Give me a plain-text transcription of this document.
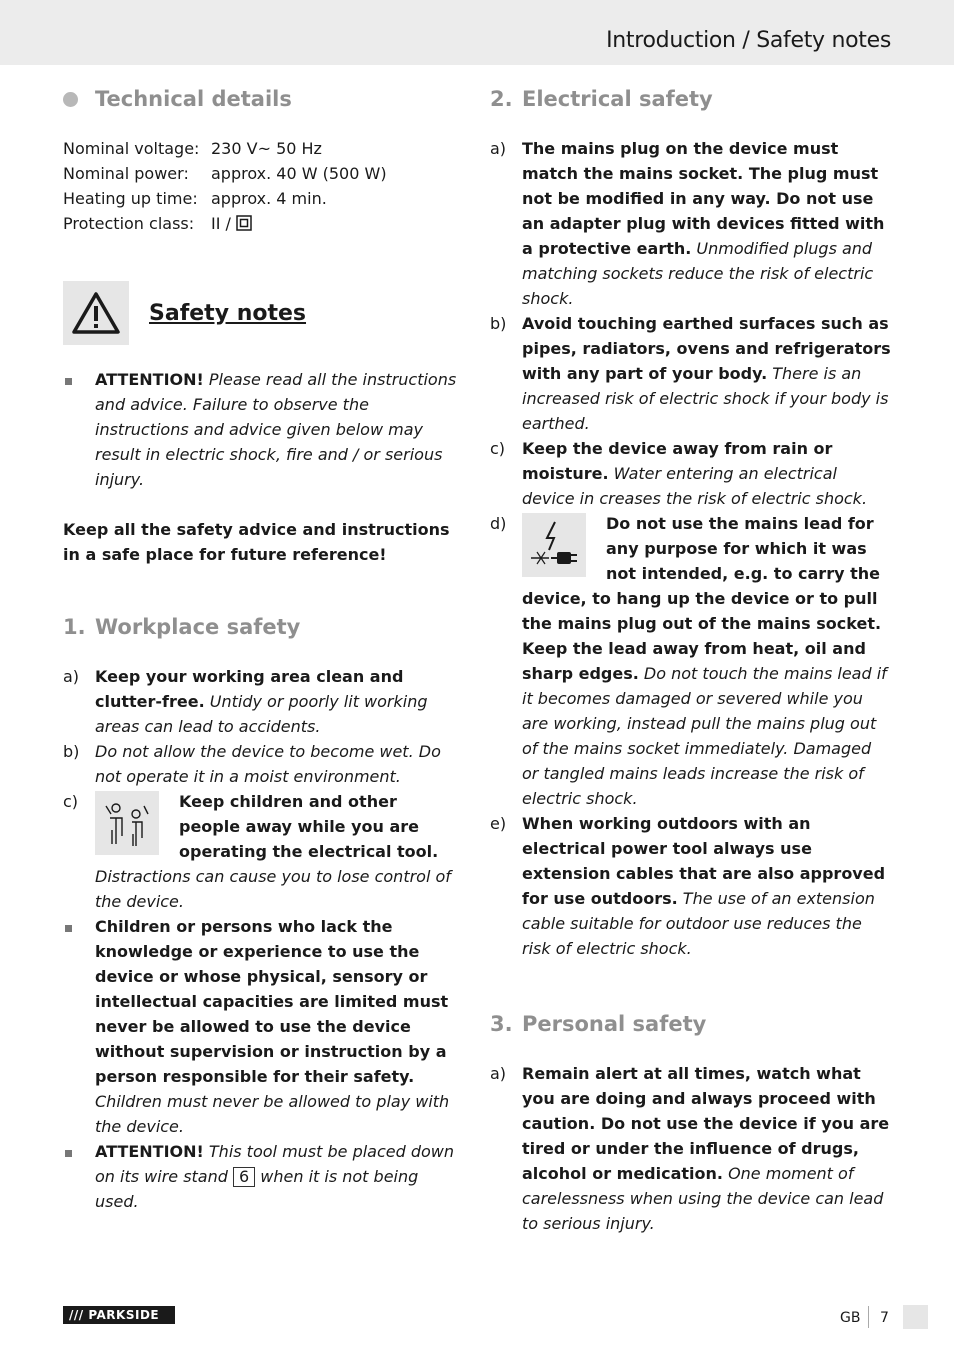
Introduction / Safety notes
Technical details
Nominal voltage: 230 V~ 50 Hz
Nominal power:	approx. 40 W (500 W)
Heating up time: approx. 4 min.
Protection class:	II /
Safety notes
ATTENTION! Please read all the instructions and advice. Failure to observe the instructions and advice given below may result in electric shock, fire and / or serious injury.

Keep all the safety advice and instructions in a safe place for future reference!

1. Workplace safety
a) Keep your working area clean and clutter-free. Untidy or poorly lit working areas can lead to accidents.
b) Do not allow the device to become wet. Do not operate it in a moist environment.
c)	Keep children and other people away while you are operating the electrical tool.
Distractions can cause you to lose control of the device.
Children or persons who lack the knowledge or experience to use the device or whose physical, sensory or intellectual capacities are limited must never be allowed to use the device without supervision or instruction by a person responsible for their safety. Children must never be allowed to play with the device.
ATTENTION! This tool must be placed down on its wire stand 6 when it is not being used.
2. Electrical safety
a) The mains plug on the device must match the mains socket. The plug must not be modified in any way. Do not use an adapter plug with devices fitted with a protective earth. Unmodified plugs and matching sockets reduce the risk of electric shock.
b) Avoid touching earthed surfaces such as pipes, radiators, ovens and refrigerators with any part of your body. There is an increased risk of electric shock if your body is earthed.
c)	Keep the device away from rain or moisture. Water entering an electrical device in creases the risk of electric shock.
d)	Do not use the mains lead for any purpose for which it was not intended, e.g. to carry the device, to hang up the device or to pull the mains plug out of the mains socket. Keep the lead away from heat, oil and sharp edges. Do not touch the mains lead if it becomes damaged or severed while you are working, instead pull the mains plug out of the mains socket immediately. Damaged or tangled mains leads increase the risk of electric shock.
e) When working outdoors with an electrical power tool always use extension cables that are also approved for use outdoors. The use of an extension cable suitable for outdoor use reduces the risk of electric shock.
3. Personal safety
a) Remain alert at all times, watch what you are doing and always proceed with caution. Do not use the device if you are tired or under the influence of drugs, alcohol or medication. One moment of carelessness when using the device can lead to serious injury.
/// PARKSIDE	GB 7
